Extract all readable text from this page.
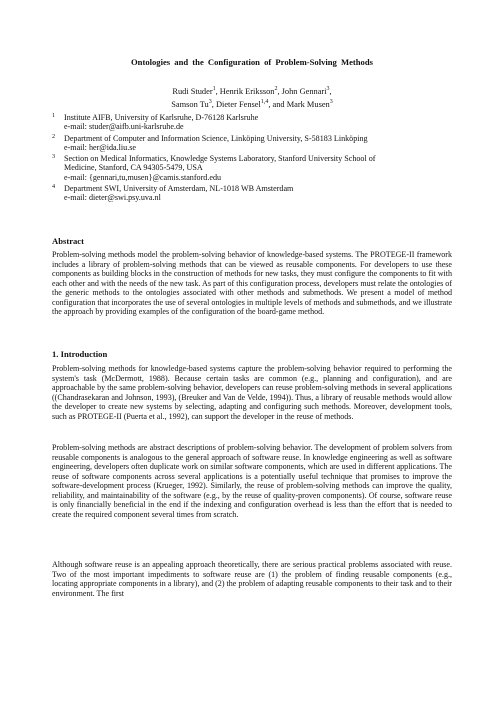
Ontologies and the Configuration of Problem-Solving Methods
Rudi Studer$^1$, Henrik Eriksson$^2$, John Gennari$^3$,
Samson Tu$^3$, Dieter Fensel$^{1,4}$, and Mark Musen$^3$
1 Institute AIFB, University of Karlsruhe, D-76128 Karlsruhe
e-mail: studer@aifb.uni-karlsruhe.de
2 Department of Computer and Information Science, Linköping University, S-58183 Linköping
e-mail: her@ida.liu.se
3 Section on Medical Informatics, Knowledge Systems Laboratory, Stanford University School of
Medicine, Stanford, CA 94305-5479, USA
e-mail: {gennari,tu,musen}@camis.stanford.edu
4 Department SWI, University of Amsterdam, NL-1018 WB Amsterdam
e-mail: dieter@swi.psy.uva.nl
Abstract

Problem-solving methods model the problem-solving behavior of knowledge-based systems. The PROTEGE-II framework includes a library of problem-solving methods that can be viewed as reusable components. For developers to use these components as building blocks in the construction of methods for new tasks, they must configure the components to fit with each other and with the needs of the new task. As part of this configuration process, developers must relate the ontologies of the generic methods to the ontologies associated with other methods and submethods. We present a model of method configuration that incorporates the use of several ontologies in multiple levels of methods and submethods, and we illustrate the approach by providing examples of the configuration of the board-game method.

1. Introduction

Problem-solving methods for knowledge-based systems capture the problem-solving behavior required to performing the system's task (McDermott, 1988). Because certain tasks are common (e.g., planning and configuration), and are approachable by the same problem-solving behavior, developers can reuse problem-solving methods in several applications ((Chandrasekaran and Johnson, 1993), (Breuker and Van de Velde, 1994)). Thus, a library of reusable methods would allow the developer to create new systems by selecting, adapting and configuring such methods. Moreover, development tools, such as PROTEGE-II (Puerta et al., 1992), can support the developer in the reuse of methods.

Problem-solving methods are abstract descriptions of problem-solving behavior. The development of problem solvers from reusable components is analogous to the general approach of software reuse. In knowledge engineering as well as software engineering, developers often duplicate work on similar software components, which are used in different applications. The reuse of software components across several applications is a potentially useful technique that promises to improve the software-development process (Krueger, 1992). Similarly, the reuse of problem-solving methods can improve the quality, reliability, and maintainability of the software (e.g., by the reuse of quality-proven components). Of course, software reuse is only financially beneficial in the end if the indexing and configuration overhead is less than the effort that is needed to create the required component several times from scratch.

Although software reuse is an appealing approach theoretically, there are serious practical problems associated with reuse. Two of the most important impediments to software reuse are (1) the problem of finding reusable components (e.g., locating appropriate components in a library), and (2) the problem of adapting reusable components to their task and to their environment. The first
